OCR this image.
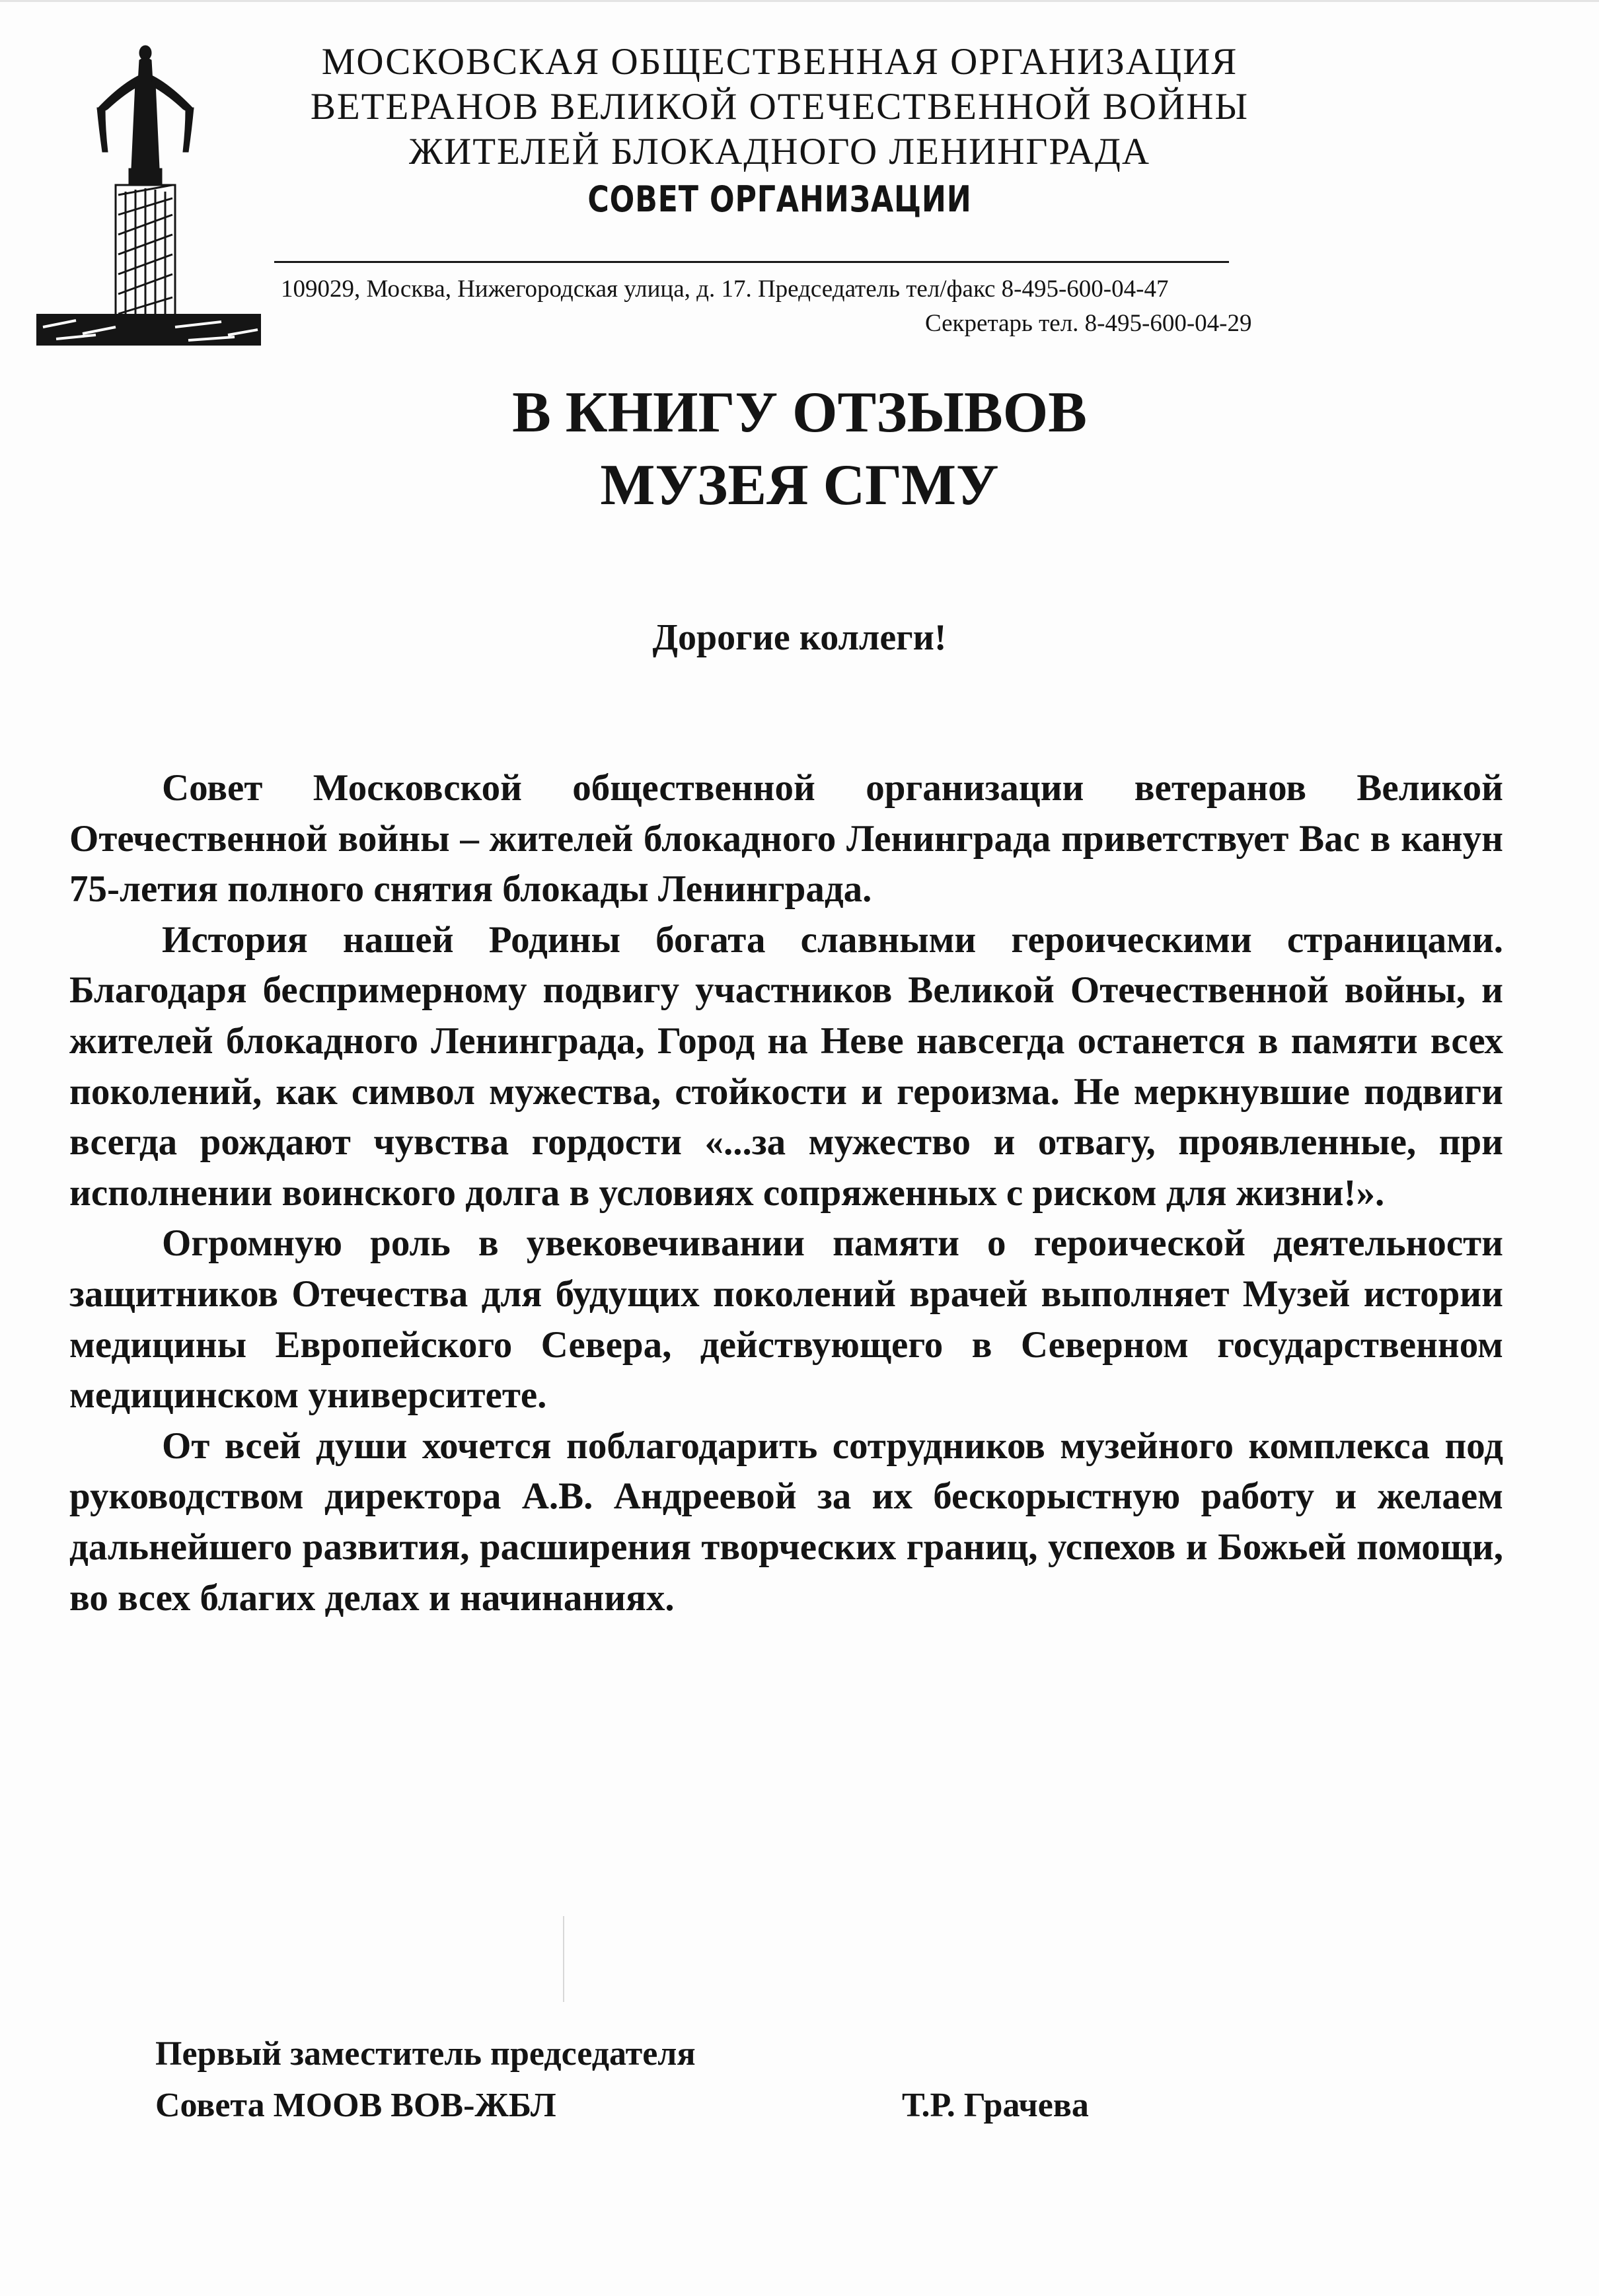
МОСКОВСКАЯ ОБЩЕСТВЕННАЯ ОРГАНИЗАЦИЯ
ВЕТЕРАНОВ ВЕЛИКОЙ ОТЕЧЕСТВЕННОЙ ВОЙНЫ
ЖИТЕЛЕЙ БЛОКАДНОГО ЛЕНИНГРАДА
СОВЕТ ОРГАНИЗАЦИИ
109029, Москва, Нижегородская улица, д. 17. Председатель тел/факс 8-495-600-04-47
Секретарь тел. 8-495-600-04-29
В КНИГУ ОТЗЫВОВ
МУЗЕЯ СГМУ
Дорогие коллеги!

Совет Московской общественной организации ветеранов Великой Отечественной войны – жителей блокадного Ленинграда приветствует Вас в канун 75-летия полного снятия блокады Ленинграда.

История нашей Родины богата славными героическими страницами. Благодаря беспримерному подвигу участников Великой Отечественной войны, и жителей блокадного Ленинграда, Город на Неве навсегда останется в памяти всех поколений, как символ мужества, стойкости и героизма. Не меркнувшие подвиги всегда рождают чувства гордости «...за мужество и отвагу, проявленные, при исполнении воинского долга в условиях сопряженных с риском для жизни!».

Огромную роль в увековечивании памяти о героической деятельности защитников Отечества для будущих поколений врачей выполняет Музей истории медицины Европейского Севера, действующего в Северном государственном медицинском университете.

От всей души хочется поблагодарить сотрудников музейного комплекса под руководством директора А.В. Андреевой за их бескорыстную работу и желаем дальнейшего развития, расширения творческих границ, успехов и Божьей помощи, во всех благих делах и начинаниях.

Первый заместитель председателя
Совета МООВ ВОВ-ЖБЛ	Т.Р. Грачева
